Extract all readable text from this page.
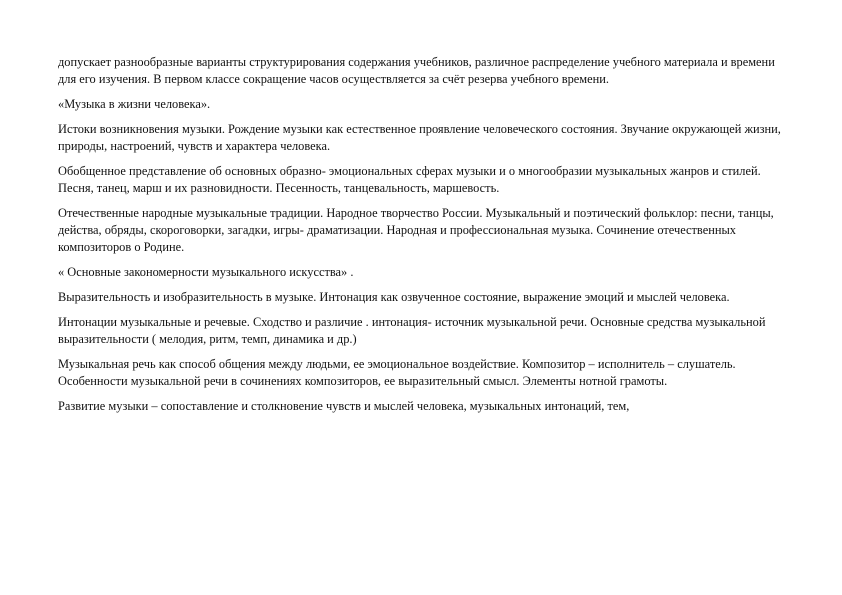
допускает разнообразные варианты структурирования содержания учебников, различное распределение учебного материала и времени для его изучения. В первом классе сокращение часов осуществляется за счёт резерва учебного времени.

«Музыка в жизни человека».

Истоки возникновения музыки. Рождение музыки как естественное проявление человеческого состояния. Звучание окружающей жизни, природы, настроений, чувств и характера человека.

Обобщенное представление об основных образно- эмоциональных сферах музыки и о многообразии музыкальных жанров и стилей. Песня, танец, марш и их разновидности. Песенность, танцевальность, маршевость.

Отечественные народные музыкальные традиции. Народное творчество России. Музыкальный и поэтический фольклор: песни, танцы, действа, обряды, скороговорки, загадки, игры- драматизации. Народная и профессиональная музыка. Сочинение отечественных композиторов о Родине.

« Основные закономерности музыкального искусства» .

Выразительность и изобразительность в музыке. Интонация как озвученное состояние, выражение эмоций и мыслей человека.

Интонации музыкальные и речевые. Сходство и различие . интонация- источник музыкальной речи. Основные средства музыкальной выразительности ( мелодия, ритм, темп, динамика и др.)

Музыкальная речь как способ общения между людьми, ее эмоциональное воздействие. Композитор – исполнитель – слушатель. Особенности музыкальной речи в сочинениях композиторов, ее выразительный смысл. Элементы нотной грамоты.

Развитие музыки – сопоставление и столкновение чувств и мыслей человека, музыкальных интонаций, тем,
